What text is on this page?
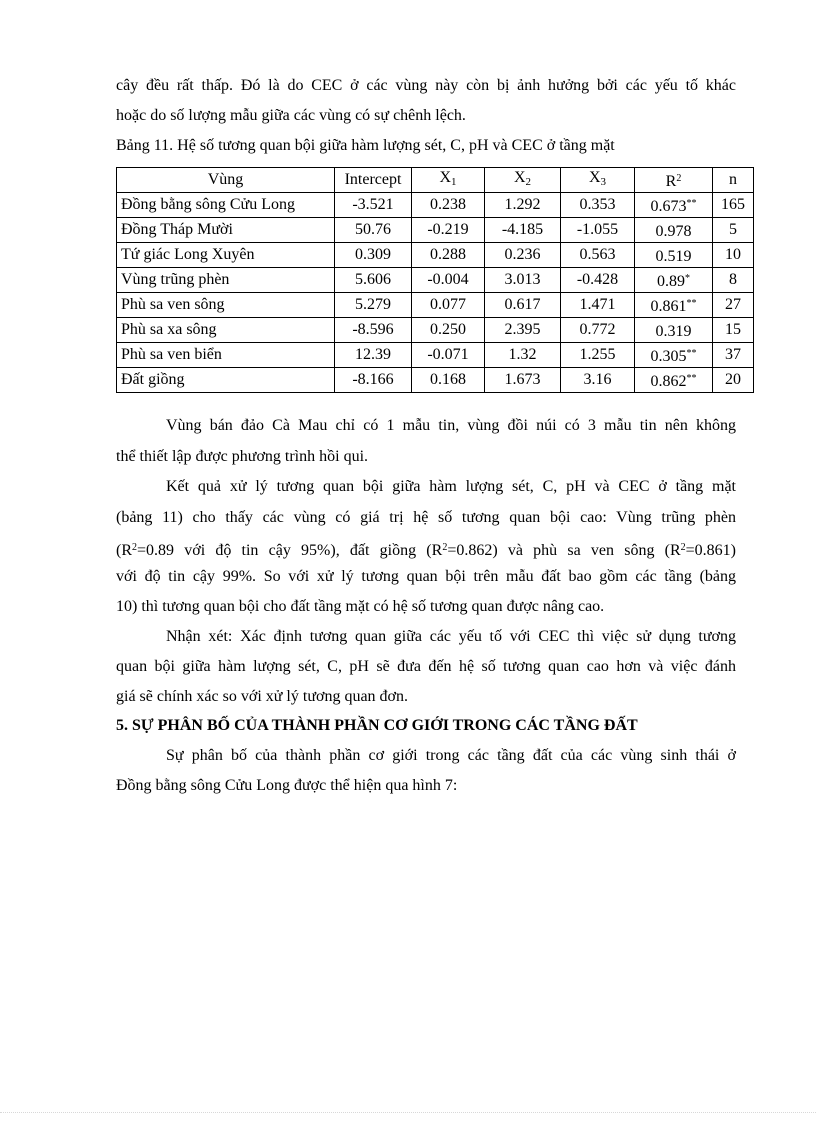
cây đều rất thấp. Đó là do CEC ở các vùng này còn bị ảnh hưởng bởi các yếu tố khác
hoặc do số lượng mẫu giữa các vùng có sự chênh lệch.
Bảng 11. Hệ số tương quan bội giữa hàm lượng sét, C, pH và CEC ở tầng mặt
Vùng	Intercept	$X_1$	$X_2$	$X_3$	$R^2$	n
Đồng bằng sông Cửu Long	-3.521	0.238	1.292	0.353	0.673**	165
Đồng Tháp Mười	50.76	-0.219	-4.185	-1.055	0.978	5
Tứ giác Long Xuyên	0.309	0.288	0.236	0.563	0.519	10
Vùng trũng phèn	5.606	-0.004	3.013	-0.428	0.89*	8
Phù sa ven sông	5.279	0.077	0.617	1.471	0.861**	27
Phù sa xa sông	-8.596	0.250	2.395	0.772	0.319	15
Phù sa ven biển	12.39	-0.071	1.32	1.255	0.305**	37
Đất giồng	-8.166	0.168	1.673	3.16	0.862**	20
Vùng bán đảo Cà Mau chỉ có 1 mẫu tin, vùng đồi núi có 3 mẫu tin nên không
thể thiết lập được phương trình hồi qui.
Kết quả xử lý tương quan bội giữa hàm lượng sét, C, pH và CEC ở tầng mặt
(bảng 11) cho thấy các vùng có giá trị hệ số tương quan bội cao: Vùng trũng phèn
($R^2=0.89$ với độ tin cậy 95%), đất giồng $(R^2=0.862)$ và phù sa ven sông $(R^2=0.861)$
với độ tin cậy 99%. So với xử lý tương quan bội trên mẫu đất bao gồm các tầng (bảng
10) thì tương quan bội cho đất tầng mặt có hệ số tương quan được nâng cao.
Nhận xét: Xác định tương quan giữa các yếu tố với CEC thì việc sử dụng tương
quan bội giữa hàm lượng sét, C, pH sẽ đưa đến hệ số tương quan cao hơn và việc đánh
giá sẽ chính xác so với xử lý tương quan đơn.
5. SỰ PHÂN BỐ CỦA THÀNH PHẦN CƠ GIỚI TRONG CÁC TẦNG ĐẤT
Sự phân bố của thành phần cơ giới trong các tầng đất của các vùng sinh thái ở
Đồng bằng sông Cửu Long được thể hiện qua hình 7:
